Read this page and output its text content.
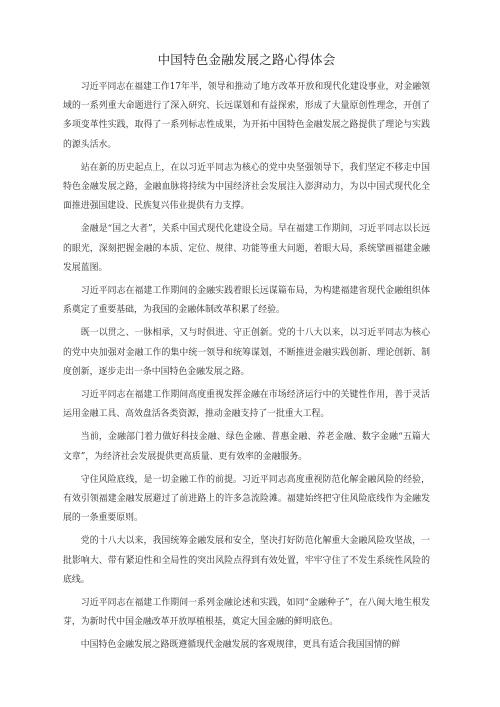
中国特色金融发展之路心得体会

习近平同志在福建工作17年半，领导和推动了地方改革开放和现代化建设事业，对金融领域的一系列重大命题进行了深入研究、长远谋划和有益探索，形成了大量原创性理念，开创了多项变革性实践，取得了一系列标志性成果，为开拓中国特色金融发展之路提供了理论与实践的源头活水。

站在新的历史起点上，在以习近平同志为核心的党中央坚强领导下，我们坚定不移走中国特色金融发展之路，金融血脉将持续为中国经济社会发展注入澎湃动力，为以中国式现代化全面推进强国建设、民族复兴伟业提供有力支撑。

金融是“国之大者”，关系中国式现代化建设全局。早在福建工作期间，习近平同志以长远的眼光，深刻把握金融的本质、定位、规律、功能等重大问题，着眼大局，系统擘画福建金融发展蓝图。

习近平同志在福建工作期间的金融实践着眼长远谋篇布局，为构建福建省现代金融组织体系奠定了重要基础，为我国的金融体制改革积累了经验。

既一以贯之、一脉相承，又与时俱进、守正创新。党的十八大以来，以习近平同志为核心的党中央加强对金融工作的集中统一领导和统筹谋划，不断推进金融实践创新、理论创新、制度创新，逐步走出一条中国特色金融发展之路。

习近平同志在福建工作期间高度重视发挥金融在市场经济运行中的关键性作用，善于灵活运用金融工具、高效盘活各类资源，推动金融支持了一批重大工程。

当前，金融部门着力做好科技金融、绿色金融、普惠金融、养老金融、数字金融“五篇大文章”，为经济社会发展提供更高质量、更有效率的金融服务。

守住风险底线，是一切金融工作的前提。习近平同志高度重视防范化解金融风险的经验，有效引领福建金融发展避过了前进路上的许多急流险滩。福建始终把守住风险底线作为金融发展的一条重要原则。

党的十八大以来，我国统筹金融发展和安全，坚决打好防范化解重大金融风险攻坚战，一批影响大、带有紧迫性和全局性的突出风险点得到有效处置，牢牢守住了不发生系统性风险的底线。

习近平同志在福建工作期间一系列金融论述和实践，如同“金融种子”，在八闽大地生根发芽，为新时代中国金融改革开放厚植根基，奠定大国金融的鲜明底色。

中国特色金融发展之路既遵循现代金融发展的客观规律，更具有适合我国国情的鲜
